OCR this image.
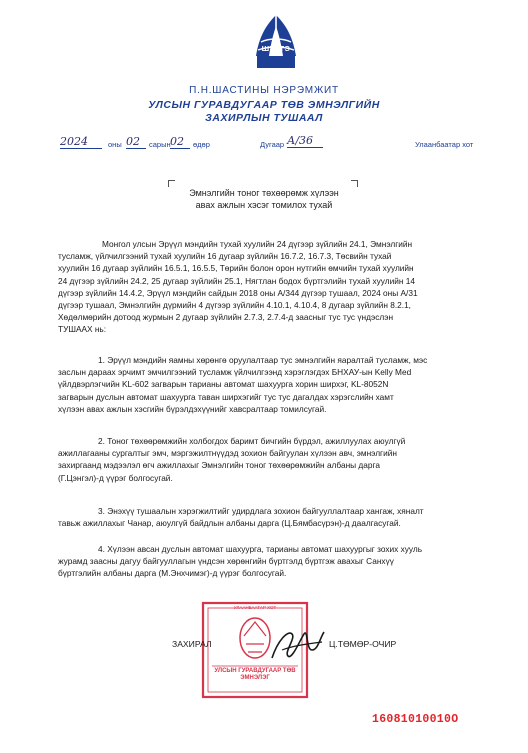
ШУГТЭ
П.Н.ШАСТИНЫ НЭРЭМЖИТ
УЛСЫН ГУРАВДУГААР ТӨВ ЭМНЭЛГИЙН
ЗАХИРЛЫН ТУШААЛ
2024	оны 02	сарын 02	өдөр	Дугаар А/36	Улаанбаатар хот
Эмнэлгийн тоног төхөөрөмж хүлээн
авах ажлын хэсэг томилох тухай
Монгол улсын Эрүүл мэндийн тухай хуулийн 24 дүгээр зүйлийн 24.1, Эмнэлгийн
тусламж, үйлчилгээний тухай хуулийн 16 дугаар зүйлийн 16.7.2, 16.7.3, Төсвийн тухай
хуулийн 16 дугаар зүйлийн 16.5.1, 16.5.5, Төрийн болон орон нутгийн өмчийн тухай хуулийн
24 дүгээр зүйлийн 24.2, 25 дугаар зүйлийн 25.1, Нягтлан бодох бүртгэлийн тухай хуулийн 14
дүгээр зүйлийн 14.4.2, Эрүүл мэндийн сайдын 2018 оны А/344 дүгээр тушаал, 2024 оны А/31
дүгээр тушаал, Эмнэлгийн дүрмийн 4 дүгээр зүйлийн 4.10.1, 4.10.4, 8 дугаар зүйлийн 8.2.1,
Хөдөлмөрийн дотоод журмын 2 дугаар зүйлийн 2.7.3, 2.7.4-д заасныг тус тус үндэслэн
ТУШААХ нь:
1. Эрүүл мэндийн яамны хөрөнгө оруулалтаар тус эмнэлгийн яаралтай тусламж, мэс
заслын дараах эрчимт эмчилгээний тусламж үйлчилгээнд хэрэглэгдэх БНХАУ-ын Kelly Med
үйлдвэрлэгчийн KL-602 загварын тарианы автомат шахуурга хорин ширхэг, KL-8052N
загварын дуслын автомат шахуурга таван ширхэгийг тус тус дагалдах хэрэгслийн хамт
хүлээн авах ажлын хэсгийн бүрэлдэхүүнийг хавсралтаар томилсугай.
2. Тоног төхөөрөмжийн холбогдох баримт бичгийн бүрдэл, ажиллуулах аюулгүй
ажиллагааны сургалтыг эмч, мэргэжилтнүүдэд зохион байгуулан хүлээн авч, эмнэлгийн
захиргаанд мэдээлэл өгч ажиллахыг Эмнэлгийн тоног төхөөрөмжийн албаны дарга
(Г.Цэнгэл)-д үүрэг болгосугай.
3. Энэхүү тушаалын хэрэгжилтийг удирдлага зохион байгууллалтаар хангаж, хяналт
тавьж ажиллахыг Чанар, аюулгүй байдлын албаны дарга (Ц.Бямбасүрэн)-д даалгасугай.
4. Хүлээн авсан дуслын автомат шахуурга, тарианы автомат шахуургыг зохих хууль
журамд заасны дагуу байгууллагын үндсэн хөрөнгийн бүртгэлд бүртгэж авахыг Санхүү
бүртгэлийн албаны дарга (М.Энхчимэг)-д үүрэг болгосугай.
УЛААНБААТАР ХОТ
УЛСЫН ГУРАВДУГААР ТӨВ ЭМНЭЛЭГ
ЗАХИРАЛ	Ц.ТӨМӨР-ОЧИР
16081010010O
